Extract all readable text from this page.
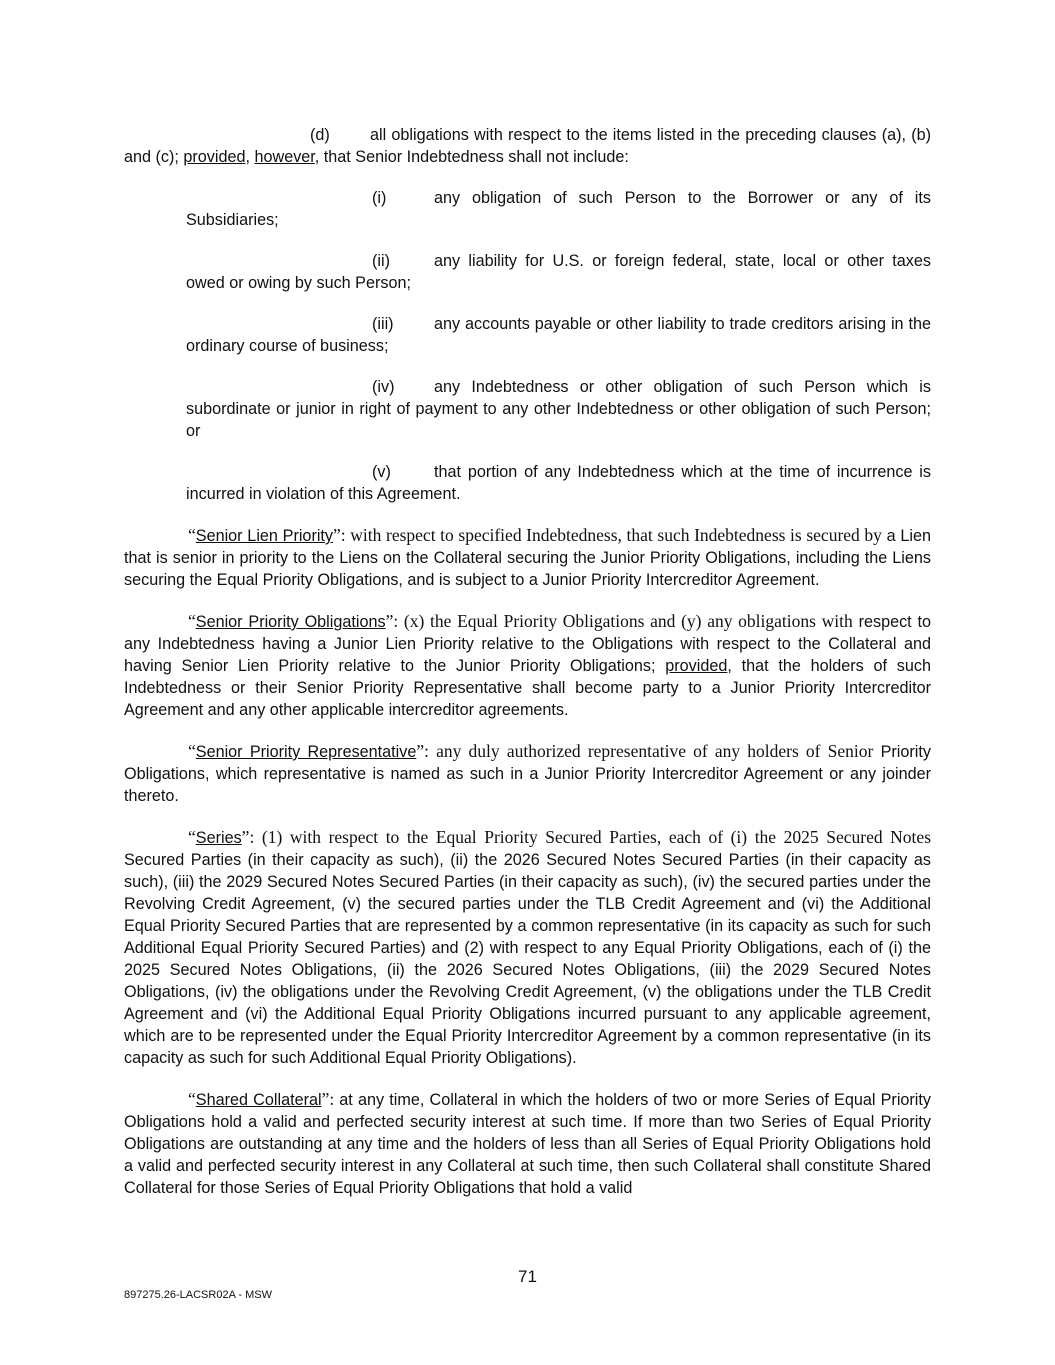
(d) all obligations with respect to the items listed in the preceding clauses (a), (b) and (c); provided, however, that Senior Indebtedness shall not include:

(i)	any obligation of such Person to the Borrower or any of its Subsidiaries;

(ii)	any liability for U.S. or foreign federal, state, local or other taxes owed or owing by such Person;

(iii) any accounts payable or other liability to trade creditors arising in the ordinary course of business;

(iv) any Indebtedness or other obligation of such Person which is subordinate or junior in right of payment to any other Indebtedness or other obligation of such Person; or

(v)	that portion of any Indebtedness which at the time of incurrence is incurred in violation of this Agreement.

“Senior Lien Priority”: with respect to specified Indebtedness, that such Indebtedness is secured by a Lien that is senior in priority to the Liens on the Collateral securing the Junior Priority Obligations, including the Liens securing the Equal Priority Obligations, and is subject to a Junior Priority Intercreditor Agreement.

“Senior Priority Obligations”: (x) the Equal Priority Obligations and (y) any obligations with respect to any Indebtedness having a Junior Lien Priority relative to the Obligations with respect to the Collateral and having Senior Lien Priority relative to the Junior Priority Obligations; provided, that the holders of such Indebtedness or their Senior Priority Representative shall become party to a Junior Priority Intercreditor Agreement and any other applicable intercreditor agreements.

“Senior Priority Representative”: any duly authorized representative of any holders of Senior Priority Obligations, which representative is named as such in a Junior Priority Intercreditor Agreement or any joinder thereto.

“Series”: (1) with respect to the Equal Priority Secured Parties, each of (i) the 2025 Secured Notes Secured Parties (in their capacity as such), (ii) the 2026 Secured Notes Secured Parties (in their capacity as such), (iii) the 2029 Secured Notes Secured Parties (in their capacity as such), (iv) the secured parties under the Revolving Credit Agreement, (v) the secured parties under the TLB Credit Agreement and (vi) the Additional Equal Priority Secured Parties that are represented by a common representative (in its capacity as such for such Additional Equal Priority Secured Parties) and (2) with respect to any Equal Priority Obligations, each of (i) the 2025 Secured Notes Obligations, (ii) the 2026 Secured Notes Obligations, (iii) the 2029 Secured Notes Obligations, (iv) the obligations under the Revolving Credit Agreement, (v) the obligations under the TLB Credit Agreement and (vi) the Additional Equal Priority Obligations incurred pursuant to any applicable agreement, which are to be represented under the Equal Priority Intercreditor Agreement by a common representative (in its capacity as such for such Additional Equal Priority Obligations).

“Shared Collateral”: at any time, Collateral in which the holders of two or more Series of Equal Priority Obligations hold a valid and perfected security interest at such time. If more than two Series of Equal Priority Obligations are outstanding at any time and the holders of less than all Series of Equal Priority Obligations hold a valid and perfected security interest in any Collateral at such time, then such Collateral shall constitute Shared Collateral for those Series of Equal Priority Obligations that hold a valid

71
897275.26-LACSR02A - MSW
